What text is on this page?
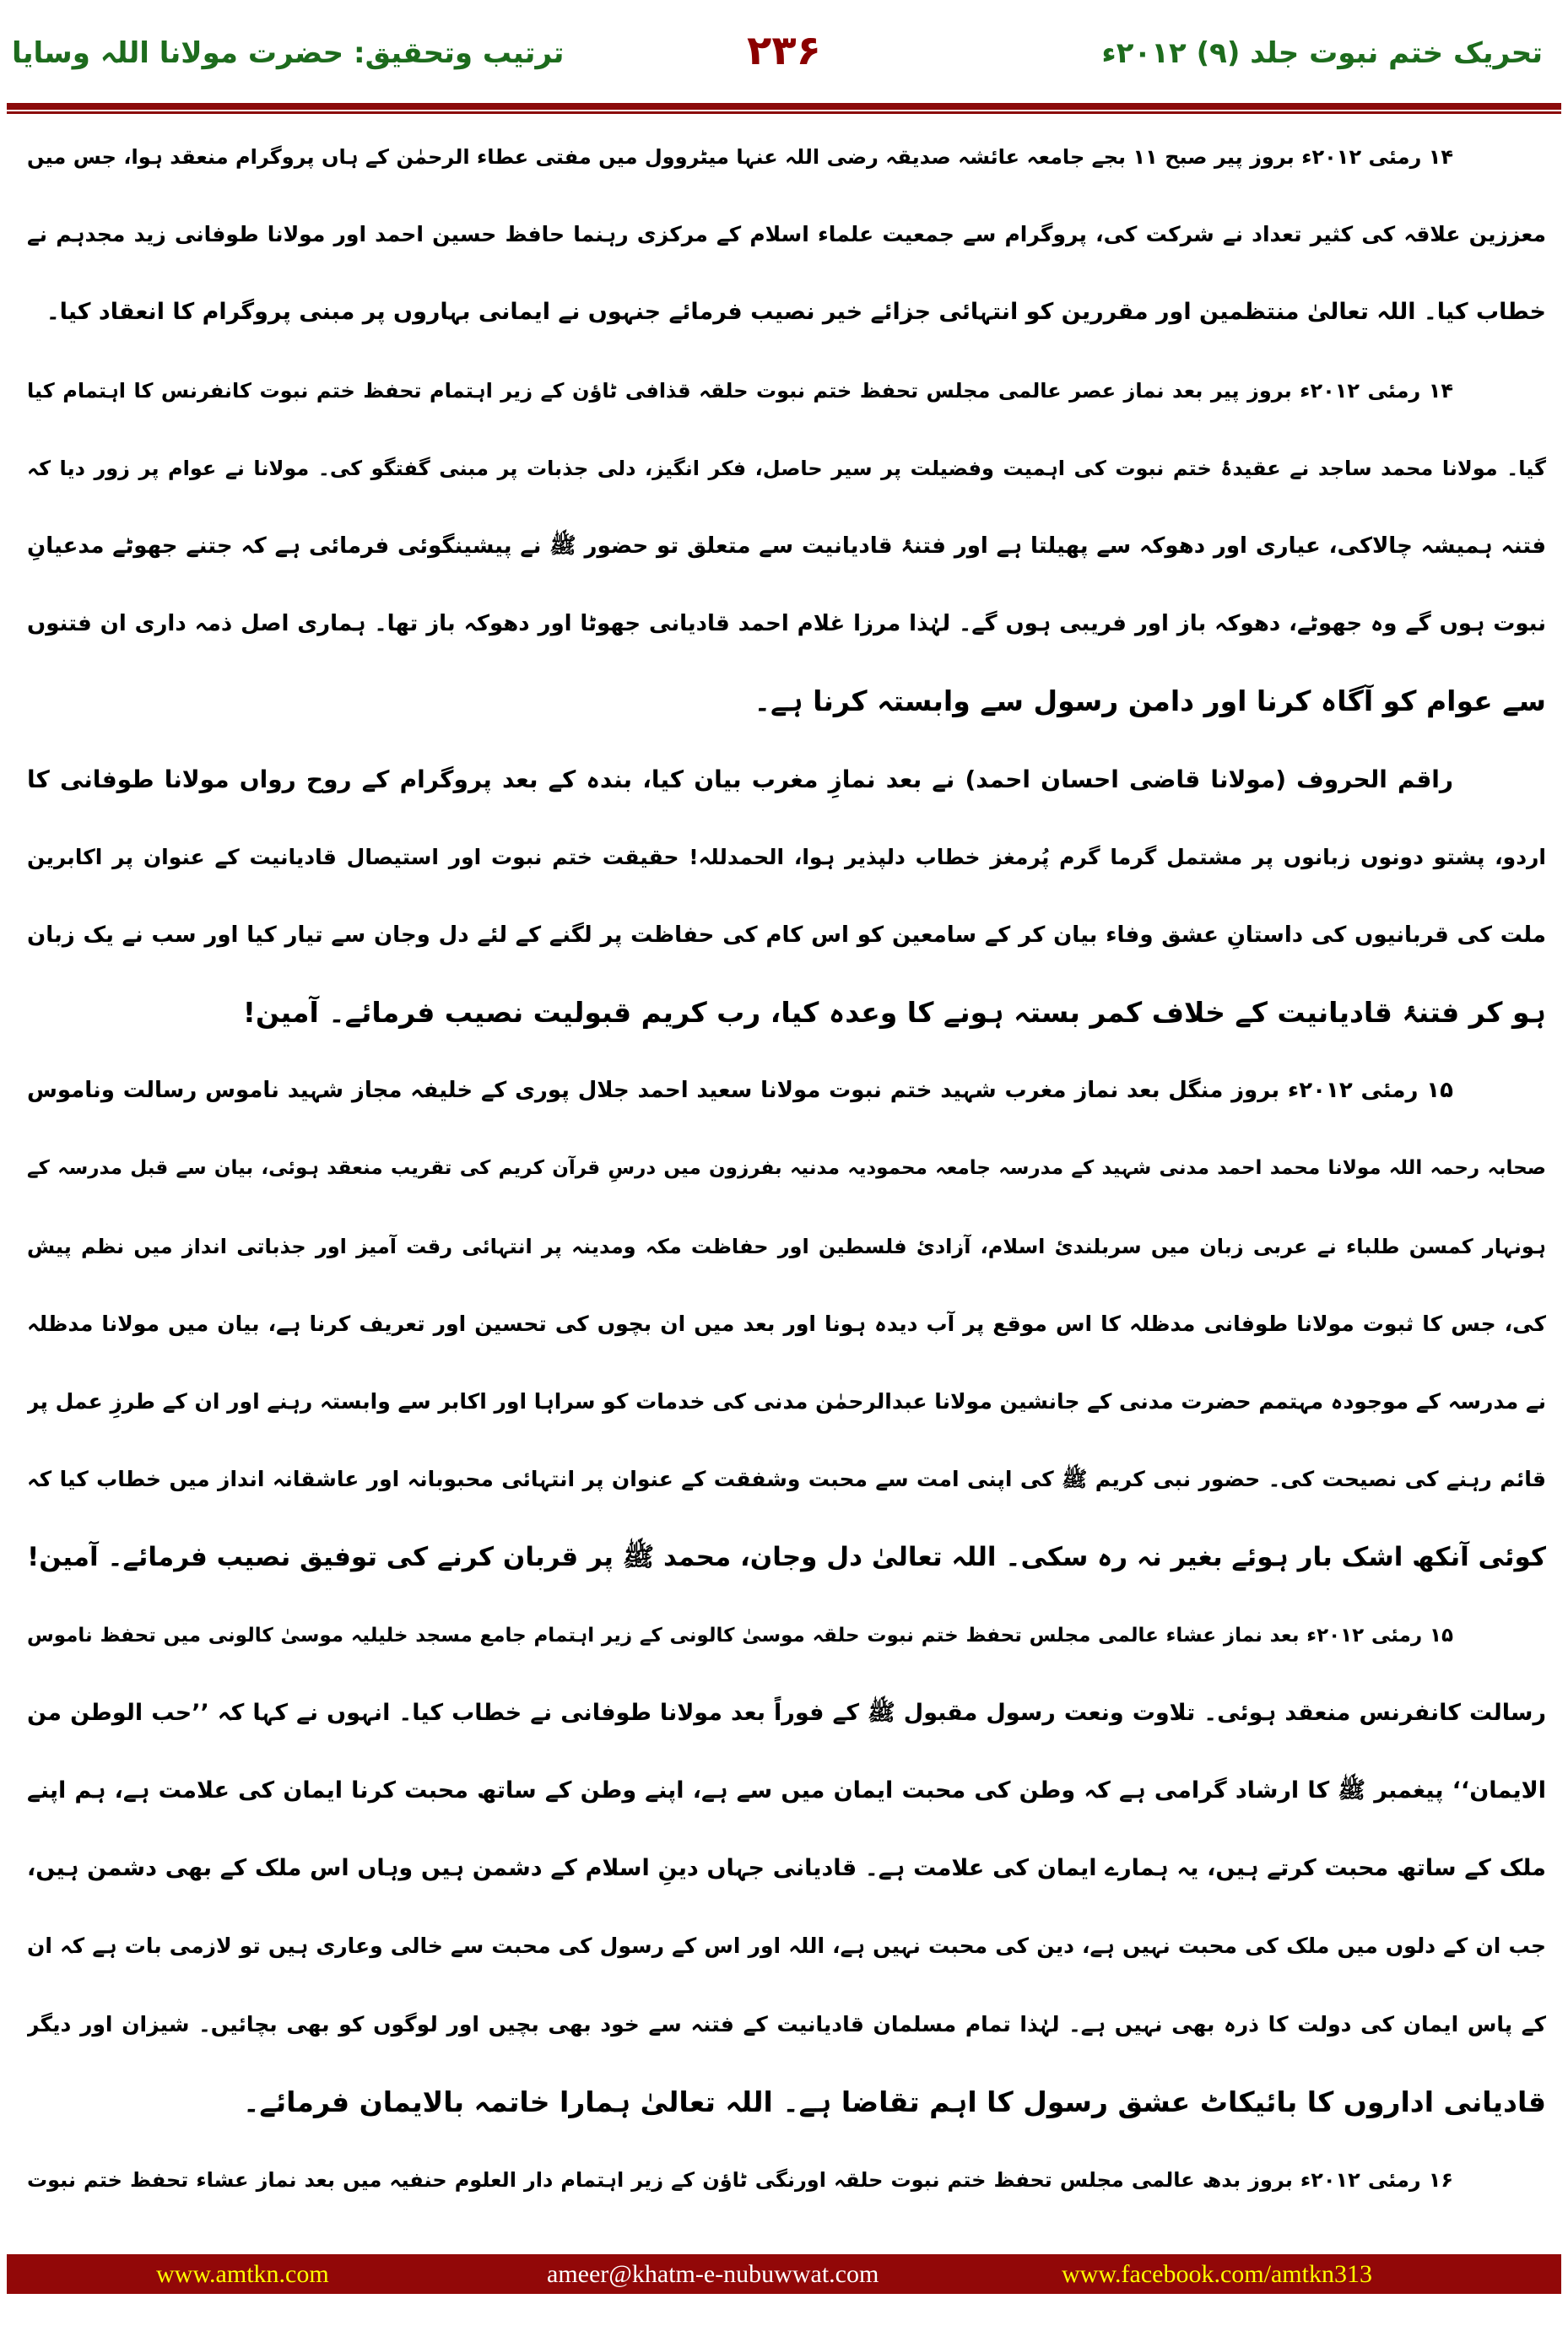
تحریک ختم نبوت جلد (۹) ۲۰۱۲ء
۲۳۶
ترتیب وتحقیق: حضرت مولانا اللہ وسایا
۱۴ رمئی ۲۰۱۲ء بروز پیر صبح ۱۱ بجے جامعہ عائشہ صدیقہ رضی اللہ عنہا میٹروول میں مفتی عطاء الرحمٰن کے ہاں پروگرام منعقد ہوا، جس میں
معززین علاقہ کی کثیر تعداد نے شرکت کی، پروگرام سے جمعیت علماء اسلام کے مرکزی رہنما حافظ حسین احمد اور مولانا طوفانی زید مجدہم نے
خطاب کیا۔ اللہ تعالیٰ منتظمین اور مقررین کو انتہائی جزائے خیر نصیب فرمائے جنہوں نے ایمانی بہاروں پر مبنی پروگرام کا انعقاد کیا۔
۱۴ رمئی ۲۰۱۲ء بروز پیر بعد نماز عصر عالمی مجلس تحفظ ختم نبوت حلقہ قذافی ٹاؤن کے زیر اہتمام تحفظ ختم نبوت کانفرنس کا اہتمام کیا
گیا۔ مولانا محمد ساجد نے عقیدۂ ختم نبوت کی اہمیت وفضیلت پر سیر حاصل، فکر انگیز، دلی جذبات پر مبنی گفتگو کی۔ مولانا نے عوام پر زور دیا کہ
فتنہ ہمیشہ چالاکی، عیاری اور دھوکہ سے پھیلتا ہے اور فتنۂ قادیانیت سے متعلق تو حضور ﷺ نے پیشینگوئی فرمائی ہے کہ جتنے جھوٹے مدعیانِ
نبوت ہوں گے وہ جھوٹے، دھوکہ باز اور فریبی ہوں گے۔ لہٰذا مرزا غلام احمد قادیانی جھوٹا اور دھوکہ باز تھا۔ ہماری اصل ذمہ داری ان فتنوں
سے عوام کو آگاہ کرنا اور دامن رسول سے وابستہ کرنا ہے۔
راقم الحروف (مولانا قاضی احسان احمد) نے بعد نمازِ مغرب بیان کیا، بندہ کے بعد پروگرام کے روح رواں مولانا طوفانی کا
اردو، پشتو دونوں زبانوں پر مشتمل گرما گرم پُرمغز خطاب دلپذیر ہوا، الحمدللہ! حقیقت ختم نبوت اور استیصال قادیانیت کے عنوان پر اکابرین
ملت کی قربانیوں کی داستانِ عشق وفاء بیان کر کے سامعین کو اس کام کی حفاظت پر لگنے کے لئے دل وجان سے تیار کیا اور سب نے یک زبان
ہو کر فتنۂ قادیانیت کے خلاف کمر بستہ ہونے کا وعدہ کیا، رب کریم قبولیت نصیب فرمائے۔ آمین!
۱۵ رمئی ۲۰۱۲ء بروز منگل بعد نماز مغرب شہید ختم نبوت مولانا سعید احمد جلال پوری کے خلیفہ مجاز شہید ناموس رسالت وناموس
صحابہ رحمہ اللہ مولانا محمد احمد مدنی شہید کے مدرسہ جامعہ محمودیہ مدنیہ بفرزون میں درسِ قرآن کریم کی تقریب منعقد ہوئی، بیان سے قبل مدرسہ کے
ہونہار کمسن طلباء نے عربی زبان میں سربلندیٔ اسلام، آزادیٔ فلسطین اور حفاظت مکہ ومدینہ پر انتہائی رقت آمیز اور جذباتی انداز میں نظم پیش
کی، جس کا ثبوت مولانا طوفانی مدظلہ کا اس موقع پر آب دیدہ ہونا اور بعد میں ان بچوں کی تحسین اور تعریف کرنا ہے، بیان میں مولانا مدظلہ
نے مدرسہ کے موجودہ مہتمم حضرت مدنی کے جانشین مولانا عبدالرحمٰن مدنی کی خدمات کو سراہا اور اکابر سے وابستہ رہنے اور ان کے طرزِ عمل پر
قائم رہنے کی نصیحت کی۔ حضور نبی کریم ﷺ کی اپنی امت سے محبت وشفقت کے عنوان پر انتہائی محبوبانہ اور عاشقانہ انداز میں خطاب کیا کہ
کوئی آنکھ اشک بار ہوئے بغیر نہ رہ سکی۔ اللہ تعالیٰ دل وجان، محمد ﷺ پر قربان کرنے کی توفیق نصیب فرمائے۔ آمین!
۱۵ رمئی ۲۰۱۲ء بعد نماز عشاء عالمی مجلس تحفظ ختم نبوت حلقہ موسیٰ کالونی کے زیر اہتمام جامع مسجد خلیلیہ موسیٰ کالونی میں تحفظ ناموس
رسالت کانفرنس منعقد ہوئی۔ تلاوت ونعت رسول مقبول ﷺ کے فوراً بعد مولانا طوفانی نے خطاب کیا۔ انہوں نے کہا کہ ’’حب الوطن من
الایمان‘‘ پیغمبر ﷺ کا ارشاد گرامی ہے کہ وطن کی محبت ایمان میں سے ہے، اپنے وطن کے ساتھ محبت کرنا ایمان کی علامت ہے، ہم اپنے
ملک کے ساتھ محبت کرتے ہیں، یہ ہمارے ایمان کی علامت ہے۔ قادیانی جہاں دینِ اسلام کے دشمن ہیں وہاں اس ملک کے بھی دشمن ہیں،
جب ان کے دلوں میں ملک کی محبت نہیں ہے، دین کی محبت نہیں ہے، اللہ اور اس کے رسول کی محبت سے خالی وعاری ہیں تو لازمی بات ہے کہ ان
کے پاس ایمان کی دولت کا ذرہ بھی نہیں ہے۔ لہٰذا تمام مسلمان قادیانیت کے فتنہ سے خود بھی بچیں اور لوگوں کو بھی بچائیں۔ شیزان اور دیگر
قادیانی اداروں کا بائیکاٹ عشق رسول کا اہم تقاضا ہے۔ اللہ تعالیٰ ہمارا خاتمہ بالایمان فرمائے۔
۱۶ رمئی ۲۰۱۲ء بروز بدھ عالمی مجلس تحفظ ختم نبوت حلقہ اورنگی ٹاؤن کے زیر اہتمام دار العلوم حنفیہ میں بعد نماز عشاء تحفظ ختم نبوت
www.amtkn.com	ameer@khatm-e-nubuwwat.com	www.facebook.com/amtkn313
